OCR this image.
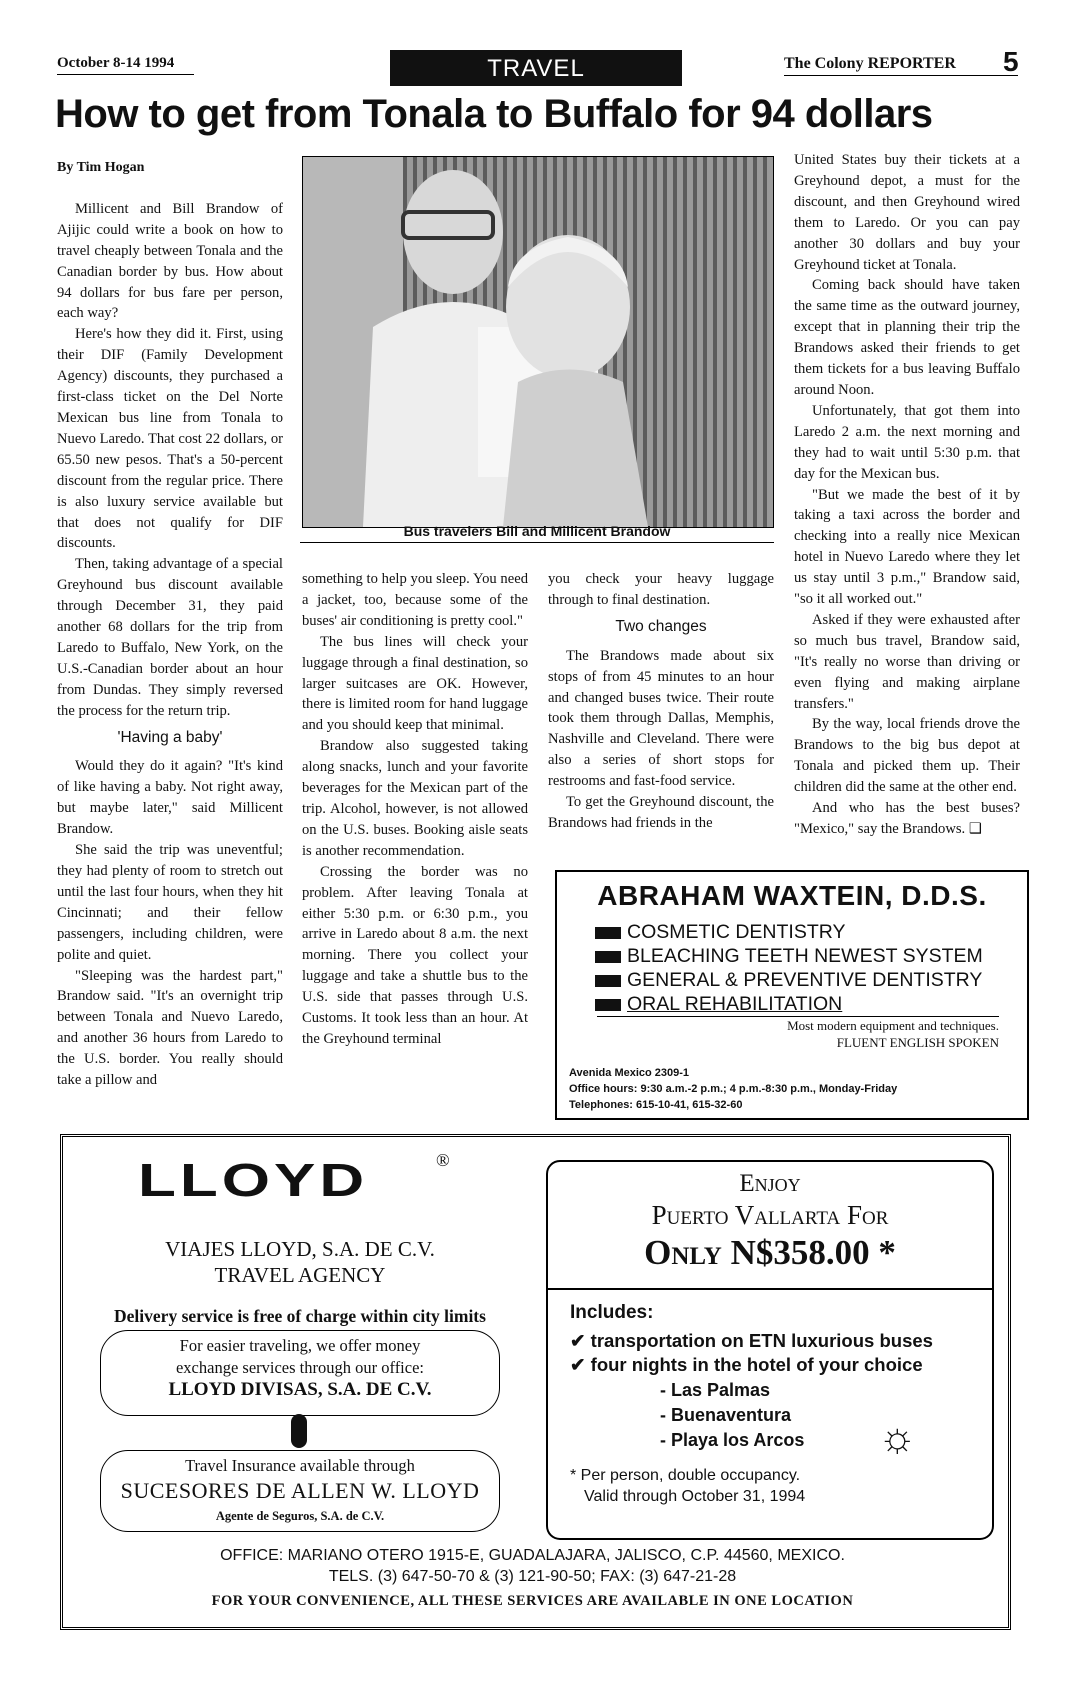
October 8-14 1994	TRAVEL	The Colony REPORTER	5
How to get from Tonala to Buffalo for 94 dollars

By Tim Hogan

Millicent and Bill Brandow of Ajijic could write a book on how to travel cheaply between Tonala and the Canadian border by bus. How about 94 dollars for bus fare per person, each way?

Here's how they did it. First, using their DIF (Family Development Agency) discounts, they purchased a first-class ticket on the Del Norte Mexican bus line from Tonala to Nuevo Laredo. That cost 22 dollars, or 65.50 new pesos. That's a 50-percent discount from the regular price. There is also luxury service available but that does not qualify for DIF discounts.

Then, taking advantage of a special Greyhound bus discount available through December 31, they paid another 68 dollars for the trip from Laredo to Buffalo, New York, on the U.S.-Canadian border about an hour from Dundas. They simply reversed the process for the return trip.

'Having a baby'

Would they do it again? "It's kind of like having a baby. Not right away, but maybe later," said Millicent Brandow.

She said the trip was uneventful; they had plenty of room to stretch out until the last four hours, when they hit Cincinnati; and their fellow passengers, including children, were polite and quiet.

"Sleeping was the hardest part," Brandow said. "It's an overnight trip between Tonala and Nuevo Laredo, and another 36 hours from Laredo to the U.S. border. You really should take a pillow and

Bus travelers Bill and Millicent Brandow

something to help you sleep. You need a jacket, too, because some of the buses' air conditioning is pretty cool."

The bus lines will check your luggage through a final destination, so larger suitcases are OK. However, there is limited room for hand luggage and you should keep that minimal.

Brandow also suggested taking along snacks, lunch and your favorite beverages for the Mexican part of the trip. Alcohol, however, is not allowed on the U.S. buses. Booking aisle seats is another recommendation.

Crossing the border was no problem. After leaving Tonala at either 5:30 p.m. or 6:30 p.m., you arrive in Laredo about 8 a.m. the next morning. There you collect your luggage and take a shuttle bus to the U.S. side that passes through U.S. Customs. It took less than an hour. At the Greyhound terminal

you check your heavy luggage through to final destination.

Two changes

The Brandows made about six stops of from 45 minutes to an hour and changed buses twice. Their route took them through Dallas, Memphis, Nashville and Cleveland. There were also a series of short stops for restrooms and fast-food service.

To get the Greyhound discount, the Brandows had friends in the

United States buy their tickets at a Greyhound depot, a must for the discount, and then Greyhound wired them to Laredo. Or you can pay another 30 dollars and buy your Greyhound ticket at Tonala.

Coming back should have taken the same time as the outward journey, except that in planning their trip the Brandows asked their friends to get them tickets for a bus leaving Buffalo around Noon.

Unfortunately, that got them into Laredo 2 a.m. the next morning and they had to wait until 5:30 p.m. that day for the Mexican bus.

"But we made the best of it by taking a taxi across the border and checking into a really nice Mexican hotel in Nuevo Laredo where they let us stay until 3 p.m.," Brandow said, "so it all worked out."

Asked if they were exhausted after so much bus travel, Brandow said, "It's really no worse than driving or even flying and making airplane transfers."

By the way, local friends drove the Brandows to the big bus depot at Tonala and picked them up. Their children did the same at the other end.

And who has the best buses? "Mexico," say the Brandows. ❑

ABRAHAM WAXTEIN, D.D.S.
COSMETIC DENTISTRY
BLEACHING TEETH NEWEST SYSTEM
GENERAL & PREVENTIVE DENTISTRY
ORAL REHABILITATION
Most modern equipment and techniques.
FLUENT ENGLISH SPOKEN
Avenida Mexico 2309-1
Office hours: 9:30 a.m.-2 p.m.; 4 p.m.-8:30 p.m., Monday-Friday
Telephones: 615-10-41, 615-32-60
LLOYD	®
VIAJES LLOYD, S.A. DE C.V.
TRAVEL AGENCY
Delivery service is free of charge within city limits
For easier traveling, we offer money
exchange services through our office:
LLOYD DIVISAS, S.A. DE C.V.
Travel Insurance available through
SUCESORES DE ALLEN W. LLOYD
Agente de Seguros, S.A. de C.V.
Enjoy
Puerto Vallarta For
Only N$358.00 *
Includes:
✔ transportation on ETN luxurious buses
✔ four nights in the hotel of your choice
- Las Palmas
- Buenaventura
- Playa los Arcos	☼
* Per person, double occupancy.
Valid through October 31, 1994
OFFICE: MARIANO OTERO 1915-E, GUADALAJARA, JALISCO, C.P. 44560, MEXICO.
TELS. (3) 647-50-70 & (3) 121-90-50; FAX: (3) 647-21-28
FOR YOUR CONVENIENCE, ALL THESE SERVICES ARE AVAILABLE IN ONE LOCATION
